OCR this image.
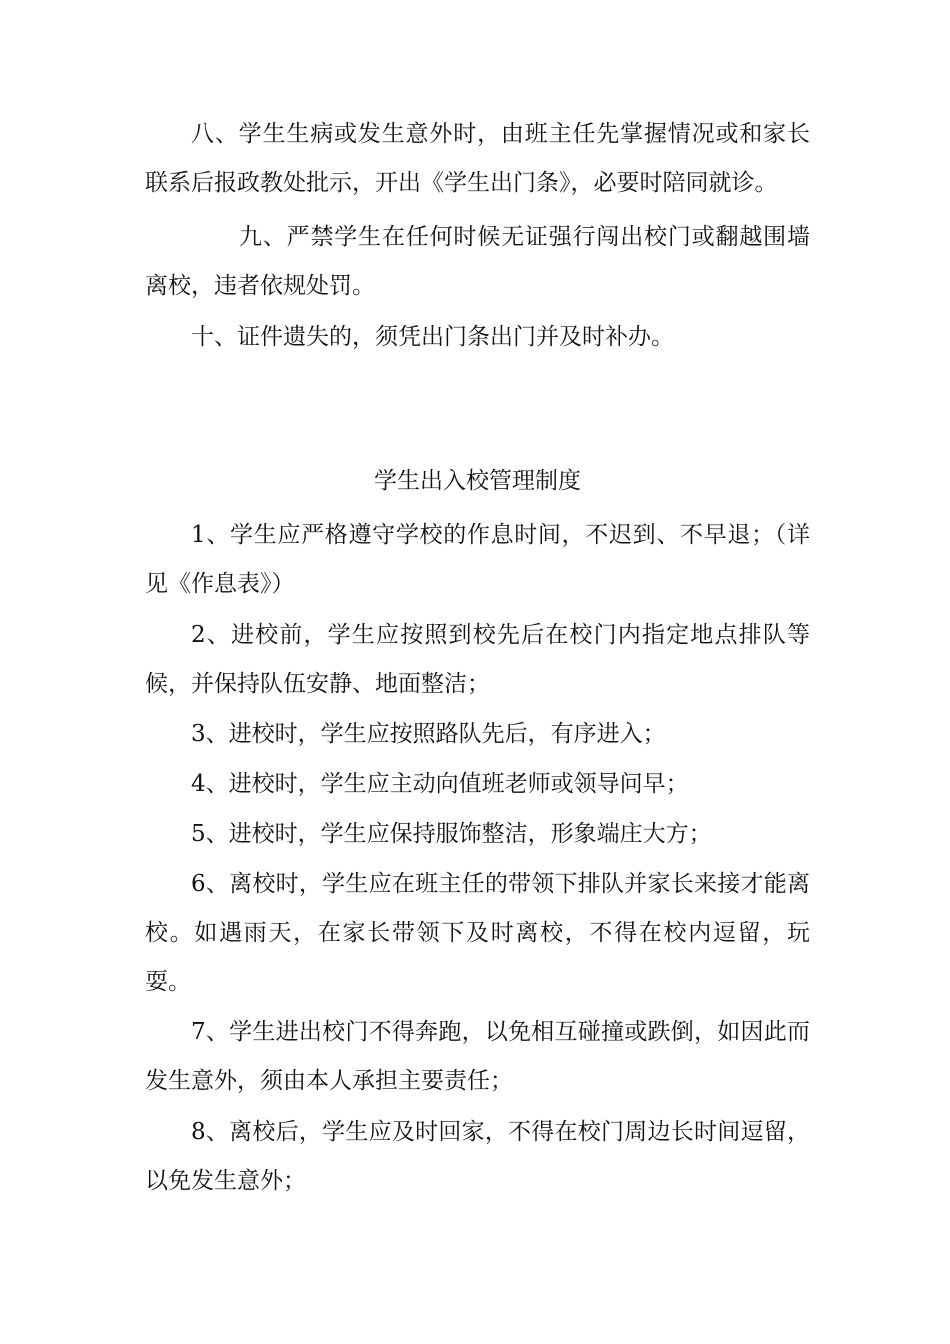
八、学生生病或发生意外时，由班主任先掌握情况或和家长联系后报政教处批示，开出《学生出门条》，必要时陪同就诊。

九、严禁学生在任何时候无证强行闯出校门或翻越围墙离校，违者依规处罚。

十、证件遗失的，须凭出门条出门并及时补办。

学生出入校管理制度

1、学生应严格遵守学校的作息时间，不迟到、不早退；（详见《作息表》）

2、进校前，学生应按照到校先后在校门内指定地点排队等候，并保持队伍安静、地面整洁；

3、进校时，学生应按照路队先后，有序进入；

4、进校时，学生应主动向值班老师或领导问早；

5、进校时，学生应保持服饰整洁，形象端庄大方；

6、离校时，学生应在班主任的带领下排队并家长来接才能离校。如遇雨天，在家长带领下及时离校，不得在校内逗留，玩耍。

7、学生进出校门不得奔跑，以免相互碰撞或跌倒，如因此而发生意外，须由本人承担主要责任；

8、离校后，学生应及时回家，不得在校门周边长时间逗留，以免发生意外；
